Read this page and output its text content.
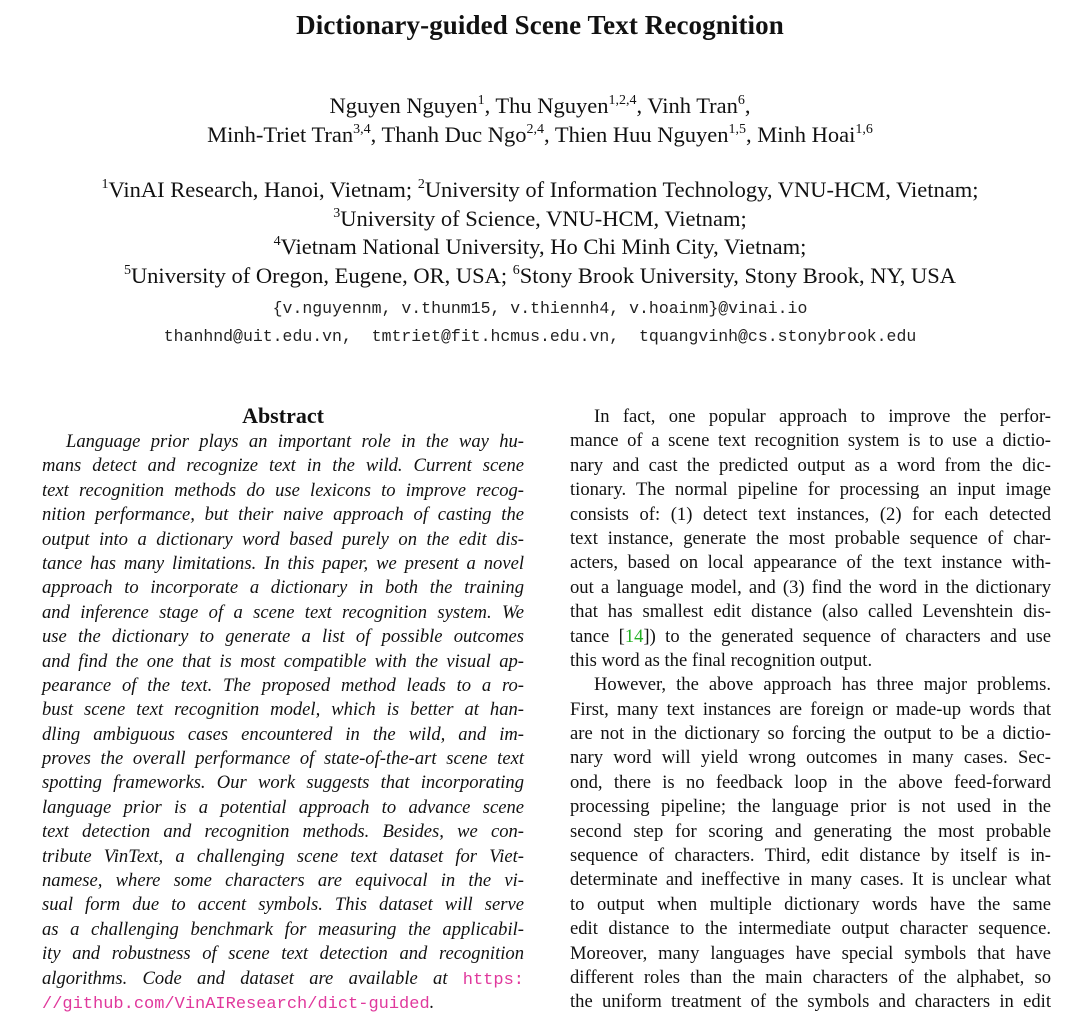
Dictionary-guided Scene Text Recognition
Nguyen Nguyen$^1$, Thu Nguyen$^{1,2,4}$, Vinh Tran$^6$,
Minh-Triet Tran$^{3,4}$, Thanh Duc Ngo$^{2,4}$, Thien Huu Nguyen$^{1,5}$, Minh Hoai$^{1,6}$
$^1$VinAI Research, Hanoi, Vietnam; $^2$University of Information Technology, VNU-HCM, Vietnam;
$^3$University of Science, VNU-HCM, Vietnam;
$^4$Vietnam National University, Ho Chi Minh City, Vietnam;
$^5$University of Oregon, Eugene, OR, USA; $^6$Stony Brook University, Stony Brook, NY, USA
{v.nguyennm, v.thunm15, v.thiennh4, v.hoainm}@vinai.io
thanhnd@uit.edu.vn,  tmtriet@fit.hcmus.edu.vn,  tquangvinh@cs.stonybrook.edu
Abstract
Language prior plays an important role in the way hu-
mans detect and recognize text in the wild. Current scene
text recognition methods do use lexicons to improve recog-
nition performance, but their naive approach of casting the
output into a dictionary word based purely on the edit dis-
tance has many limitations. In this paper, we present a novel
approach to incorporate a dictionary in both the training
and inference stage of a scene text recognition system. We
use the dictionary to generate a list of possible outcomes
and find the one that is most compatible with the visual ap-
pearance of the text. The proposed method leads to a ro-
bust scene text recognition model, which is better at han-
dling ambiguous cases encountered in the wild, and im-
proves the overall performance of state-of-the-art scene text
spotting frameworks. Our work suggests that incorporating
language prior is a potential approach to advance scene
text detection and recognition methods. Besides, we con-
tribute VinText, a challenging scene text dataset for Viet-
namese, where some characters are equivocal in the vi-
sual form due to accent symbols. This dataset will serve
as a challenging benchmark for measuring the applicabil-
ity and robustness of scene text detection and recognition
algorithms. Code and dataset are available at https:
//github.com/VinAIResearch/dict-guided.
In fact, one popular approach to improve the perfor-
mance of a scene text recognition system is to use a dictio-
nary and cast the predicted output as a word from the dic-
tionary. The normal pipeline for processing an input image
consists of: (1) detect text instances, (2) for each detected
text instance, generate the most probable sequence of char-
acters, based on local appearance of the text instance with-
out a language model, and (3) find the word in the dictionary
that has smallest edit distance (also called Levenshtein dis-
tance [14]) to the generated sequence of characters and use
this word as the final recognition output.
However, the above approach has three major problems.
First, many text instances are foreign or made-up words that
are not in the dictionary so forcing the output to be a dictio-
nary word will yield wrong outcomes in many cases. Sec-
ond, there is no feedback loop in the above feed-forward
processing pipeline; the language prior is not used in the
second step for scoring and generating the most probable
sequence of characters. Third, edit distance by itself is in-
determinate and ineffective in many cases. It is unclear what
to output when multiple dictionary words have the same
edit distance to the intermediate output character sequence.
Moreover, many languages have special symbols that have
different roles than the main characters of the alphabet, so
the uniform treatment of the symbols and characters in edit
